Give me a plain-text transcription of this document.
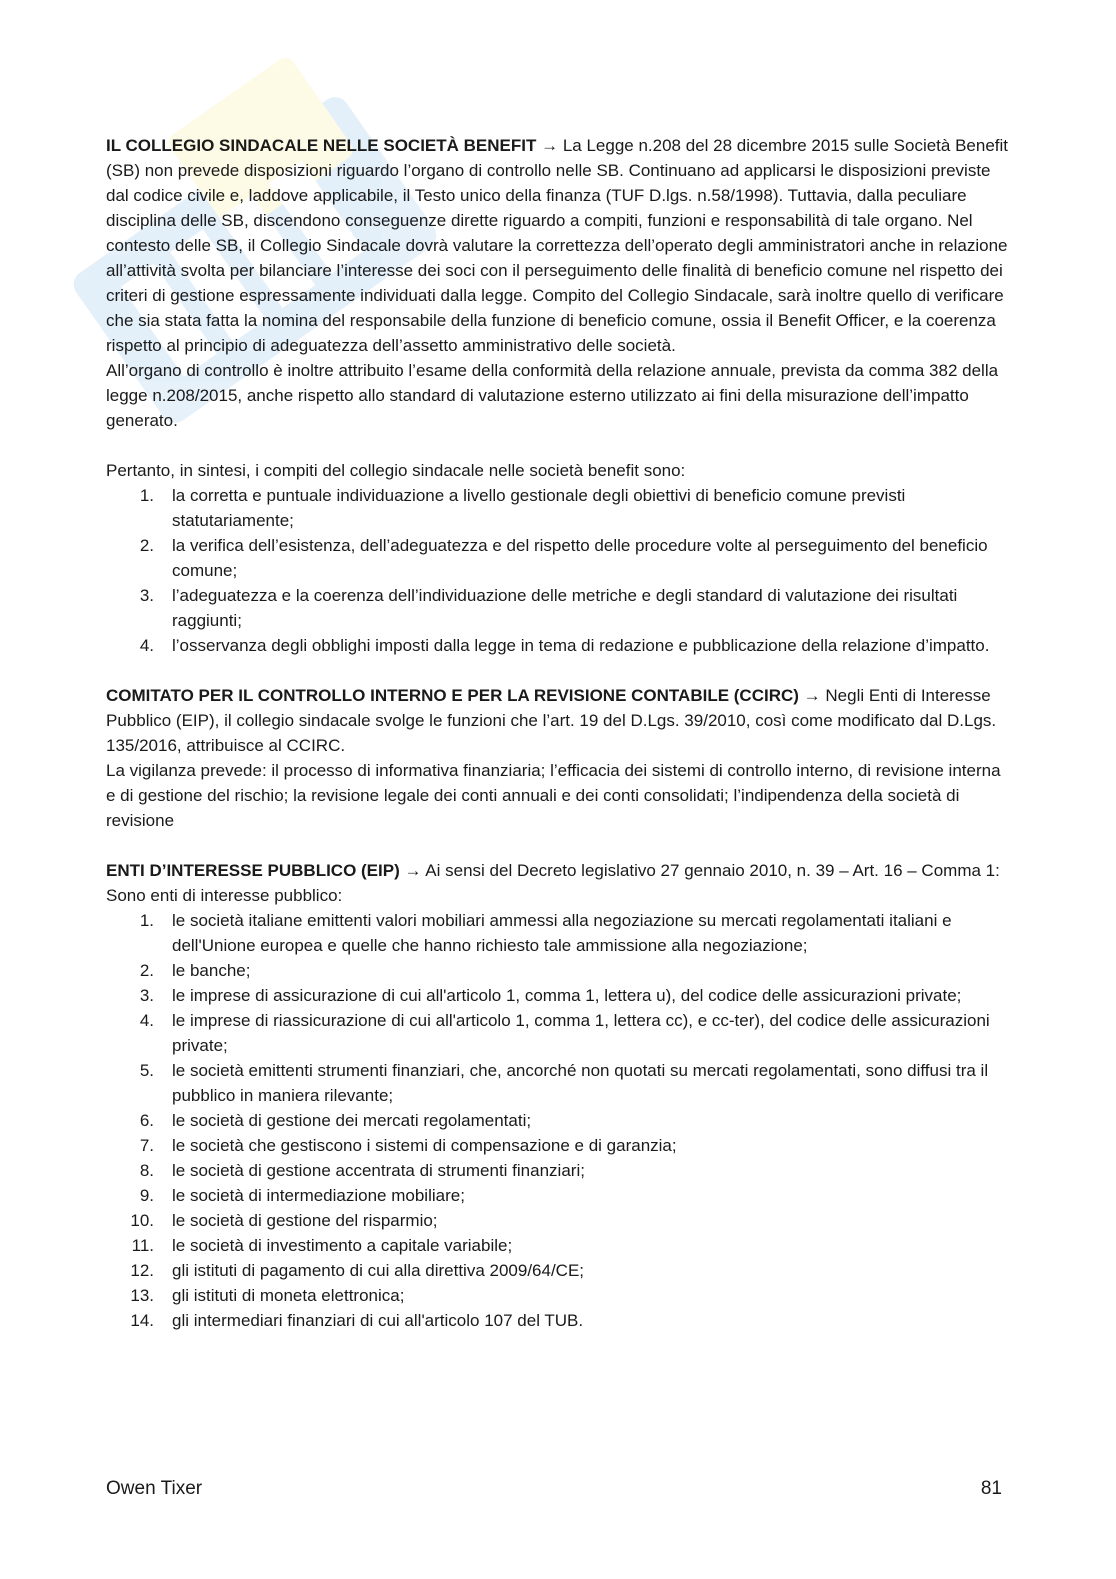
IL COLLEGIO SINDACALE NELLE SOCIETÀ BENEFIT → La Legge n.208 del 28 dicembre 2015 sulle Società Benefit (SB) non prevede disposizioni riguardo l’organo di controllo nelle SB. Continuano ad applicarsi le disposizioni previste dal codice civile e, laddove applicabile, il Testo unico della finanza (TUF D.lgs. n.58/1998). Tuttavia, dalla peculiare disciplina delle SB, discendono conseguenze dirette riguardo a compiti, funzioni e responsabilità di tale organo. Nel contesto delle SB, il Collegio Sindacale dovrà valutare la correttezza dell’operato degli amministratori anche in relazione all’attività svolta per bilanciare l’interesse dei soci con il perseguimento delle finalità di beneficio comune nel rispetto dei criteri di gestione espressamente individuati dalla legge. Compito del Collegio Sindacale, sarà inoltre quello di verificare che sia stata fatta la nomina del responsabile della funzione di beneficio comune, ossia il Benefit Officer, e la coerenza rispetto al principio di adeguatezza dell’assetto amministrativo delle società.

All’organo di controllo è inoltre attribuito l’esame della conformità della relazione annuale, prevista da comma 382 della legge n.208/2015, anche rispetto allo standard di valutazione esterno utilizzato ai fini della misurazione dell’impatto generato.

Pertanto, in sintesi, i compiti del collegio sindacale nelle società benefit sono:

1. la corretta e puntuale individuazione a livello gestionale degli obiettivi di beneficio comune previsti statutariamente;
2. la verifica dell’esistenza, dell’adeguatezza e del rispetto delle procedure volte al perseguimento del beneficio comune;
3. l’adeguatezza e la coerenza dell’individuazione delle metriche e degli standard di valutazione dei risultati raggiunti;
4. l’osservanza degli obblighi imposti dalla legge in tema di redazione e pubblicazione della relazione d’impatto.

COMITATO PER IL CONTROLLO INTERNO E PER LA REVISIONE CONTABILE (CCIRC) → Negli Enti di Interesse Pubblico (EIP), il collegio sindacale svolge le funzioni che l’art. 19 del D.Lgs. 39/2010, così come modificato dal D.Lgs. 135/2016, attribuisce al CCIRC.

La vigilanza prevede: il processo di informativa finanziaria; l’efficacia dei sistemi di controllo interno, di revisione interna e di gestione del rischio; la revisione legale dei conti annuali e dei conti consolidati; l’indipendenza della società di revisione

ENTI D’INTERESSE PUBBLICO (EIP) → Ai sensi del Decreto legislativo 27 gennaio 2010, n. 39 – Art. 16 – Comma 1: Sono enti di interesse pubblico:

1. le società italiane emittenti valori mobiliari ammessi alla negoziazione su mercati regolamentati italiani e dell'Unione europea e quelle che hanno richiesto tale ammissione alla negoziazione;
2. le banche;
3. le imprese di assicurazione di cui all'articolo 1, comma 1, lettera u), del codice delle assicurazioni private;
4. le imprese di riassicurazione di cui all'articolo 1, comma 1, lettera cc), e cc-ter), del codice delle assicurazioni private;
5. le società emittenti strumenti finanziari, che, ancorché non quotati su mercati regolamentati, sono diffusi tra il pubblico in maniera rilevante;
6. le società di gestione dei mercati regolamentati;
7. le società che gestiscono i sistemi di compensazione e di garanzia;
8. le società di gestione accentrata di strumenti finanziari;
9. le società di intermediazione mobiliare;
10. le società di gestione del risparmio;
11. le società di investimento a capitale variabile;
12. gli istituti di pagamento di cui alla direttiva 2009/64/CE;
13. gli istituti di moneta elettronica;
14. gli intermediari finanziari di cui all'articolo 107 del TUB.
Owen Tixer	81
